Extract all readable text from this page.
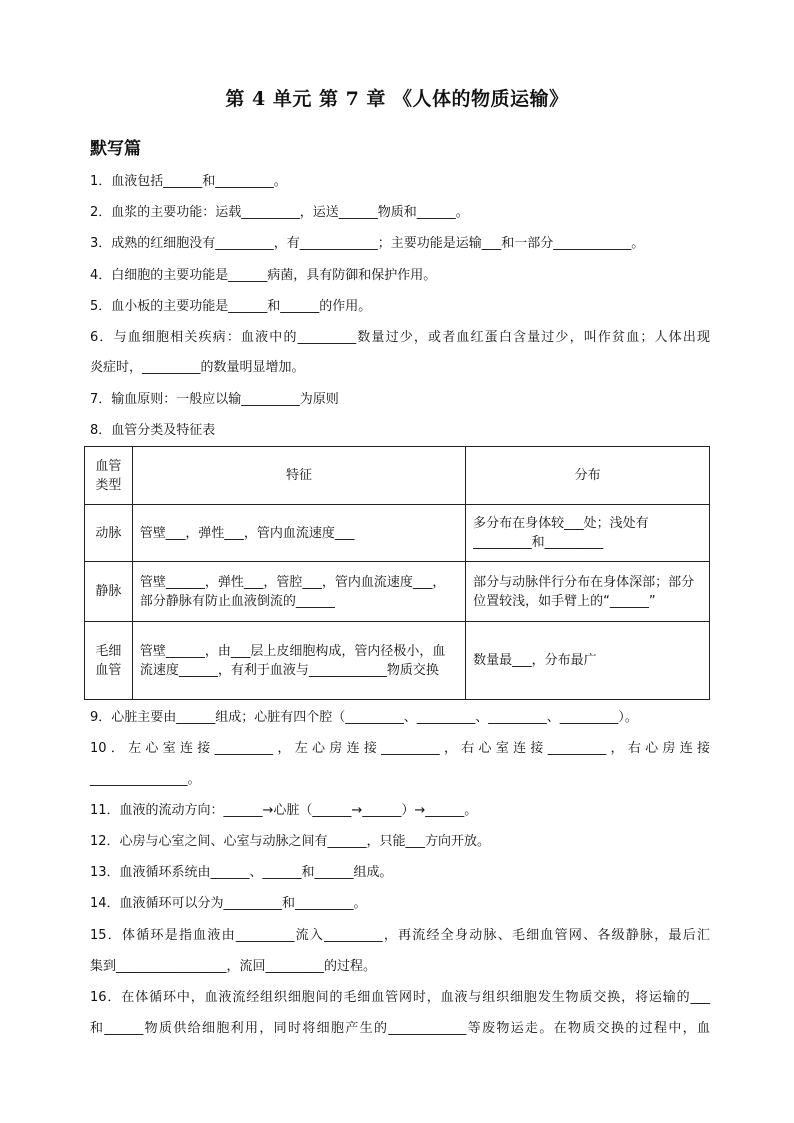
第 4 单元 第 7 章 《人体的物质运输》
默写篇
1．血液包括______和_________。
2．血浆的主要功能：运载_________，运送______物质和______。
3．成熟的红细胞没有_________，有____________；主要功能是运输___和一部分____________。
4．白细胞的主要功能是______病菌，具有防御和保护作用。
5．血小板的主要功能是______和______的作用。
6．与血细胞相关疾病：血液中的_________数量过少，或者血红蛋白含量过少，叫作贫血；人体出现
炎症时，_________的数量明显增加。
7．输血原则：一般应以输_________为原则
8．血管分类及特征表
血管类型	特征	分布
动脉	管壁___，弹性___，管内血流速度___	多分布在身体较___处；浅处有_________和_________
静脉	管壁______，弹性___，管腔___，管内血流速度___，部分静脉有防止血液倒流的______	部分与动脉伴行分布在身体深部；部分位置较浅，如手臂上的“______”
毛细血管	管壁______，由___层上皮细胞构成，管内径极小，血流速度______，有利于血液与____________物质交换	数量最___，分布最广
9．心脏主要由______组成；心脏有四个腔（_________、_________、_________、_________）。
10．左心室连接_________，左心房连接_________，右心室连接_________，右心房连接
_______________。
11．血液的流动方向：______→心脏（______→______）→______。
12．心房与心室之间、心室与动脉之间有______，只能___方向开放。
13．血液循环系统由______、______和______组成。
14．血液循环可以分为_________和_________。
15．体循环是指血液由_________流入_________，再流经全身动脉、毛细血管网、各级静脉，最后汇
集到_________________，流回_________的过程。
16．在体循环中，血液流经组织细胞间的毛细血管网时，血液与组织细胞发生物质交换，将运输的___
和______物质供给细胞利用，同时将细胞产生的____________等废物运走。在物质交换的过程中，血
